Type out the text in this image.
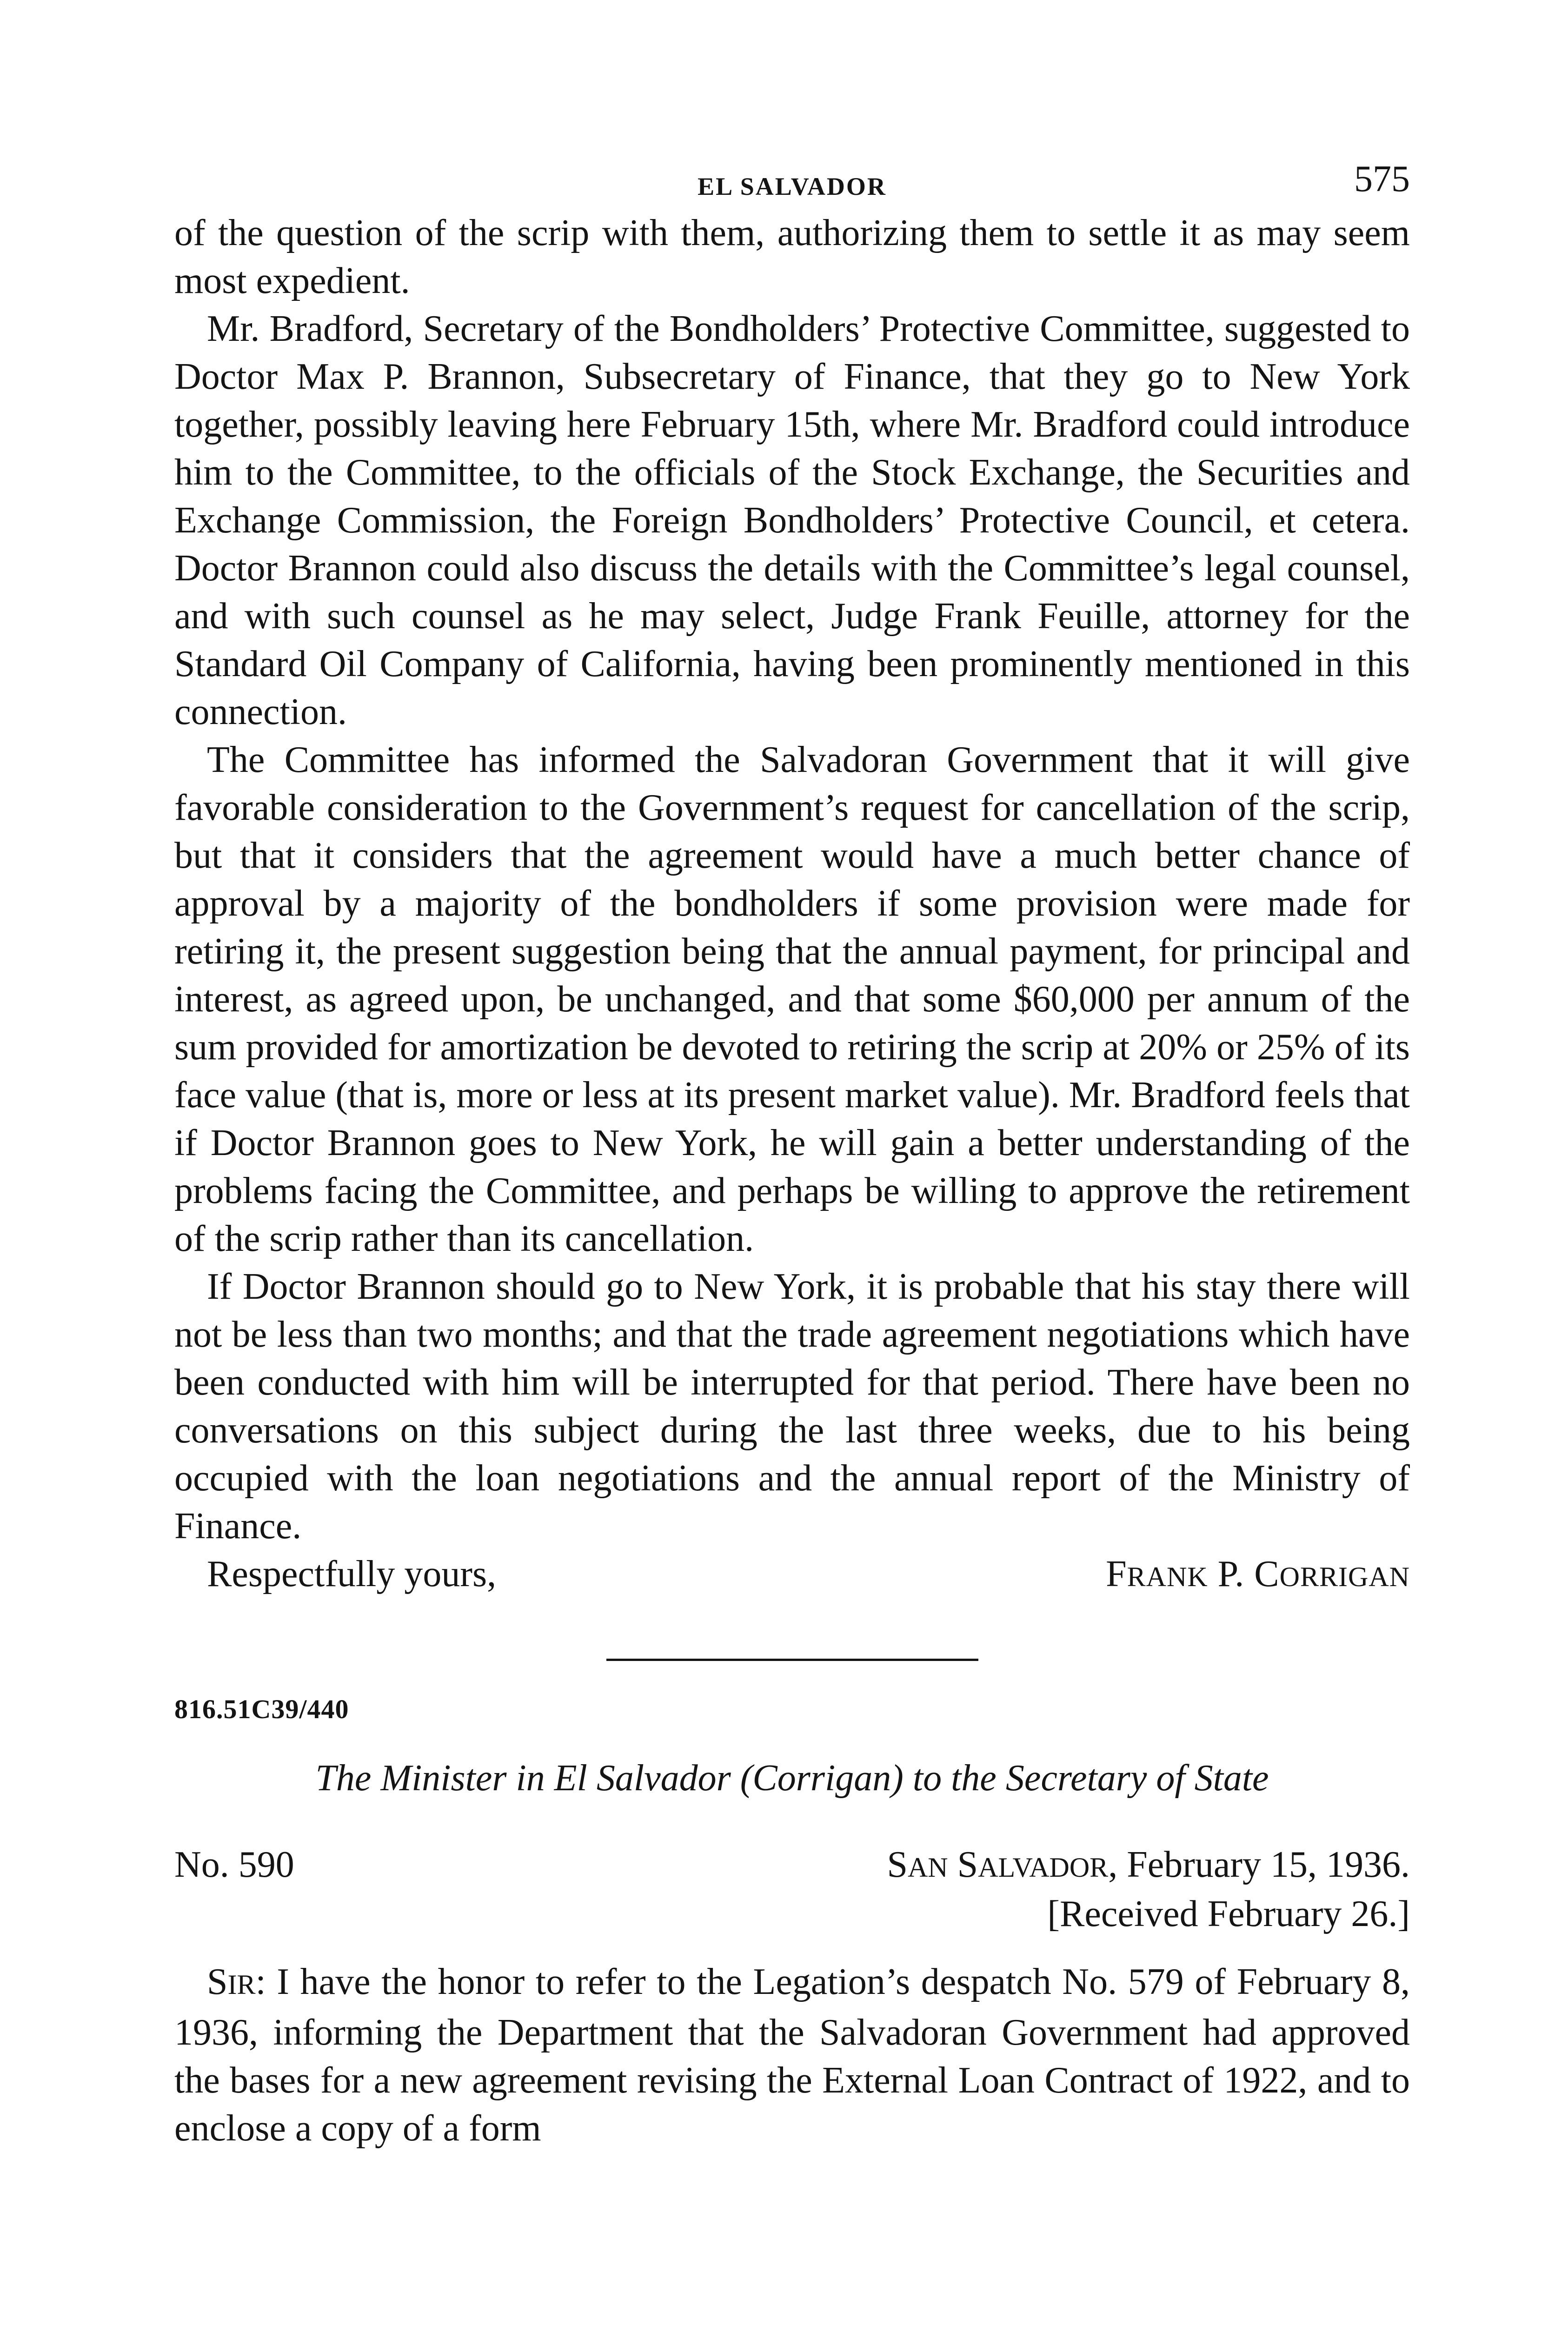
EL SALVADOR	575

of the question of the scrip with them, authorizing them to settle it as may seem most expedient.

Mr. Bradford, Secretary of the Bondholders’ Protective Committee, suggested to Doctor Max P. Brannon, Subsecretary of Finance, that they go to New York together, possibly leaving here February 15th, where Mr. Bradford could introduce him to the Committee, to the officials of the Stock Exchange, the Securities and Exchange Commission, the Foreign Bondholders’ Protective Council, et cetera. Doctor Brannon could also discuss the details with the Committee’s legal counsel, and with such counsel as he may select, Judge Frank Feuille, attorney for the Standard Oil Company of California, having been prominently mentioned in this connection.

The Committee has informed the Salvadoran Government that it will give favorable consideration to the Government’s request for cancellation of the scrip, but that it considers that the agreement would have a much better chance of approval by a majority of the bondholders if some provision were made for retiring it, the present suggestion being that the annual payment, for principal and interest, as agreed upon, be unchanged, and that some $60,000 per annum of the sum provided for amortization be devoted to retiring the scrip at 20% or 25% of its face value (that is, more or less at its present market value). Mr. Bradford feels that if Doctor Brannon goes to New York, he will gain a better understanding of the problems facing the Committee, and perhaps be willing to approve the retirement of the scrip rather than its cancellation.

If Doctor Brannon should go to New York, it is probable that his stay there will not be less than two months; and that the trade agreement negotiations which have been conducted with him will be interrupted for that period. There have been no conversations on this subject during the last three weeks, due to his being occupied with the loan negotiations and the annual report of the Ministry of Finance.

Respectfully yours,	FRANK P. CORRIGAN
816.51C39/440
The Minister in El Salvador (Corrigan) to the Secretary of State
No. 590	SAN SALVADOR, February 15, 1936.
[Received February 26.]

SIR: I have the honor to refer to the Legation’s despatch No. 579 of February 8, 1936, informing the Department that the Salvadoran Government had approved the bases for a new agreement revising the External Loan Contract of 1922, and to enclose a copy of a form
